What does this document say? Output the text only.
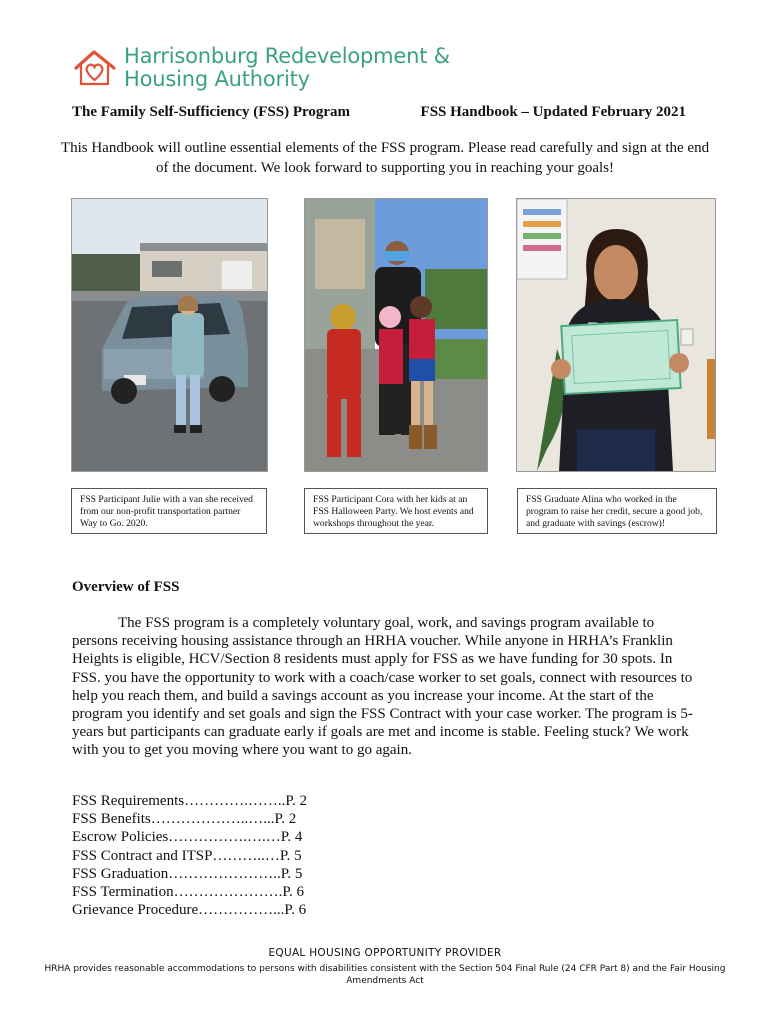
Harrisonburg Redevelopment &
Housing Authority
The Family Self-Sufficiency (FSS) Program	FSS Handbook – Updated February 2021
This Handbook will outline essential elements of the FSS program. Please read carefully and sign at the end of the document. We look forward to supporting you in reaching your goals!
FSS Participant Julie with a van she received from our non-profit transportation partner Way to Go. 2020.
FSS Participant Cora with her kids at an FSS Halloween Party. We host events and workshops throughout the year.
FSS Graduate Alina who worked in the program to raise her credit, secure a good job, and graduate with savings (escrow)!
Overview of FSS
The FSS program is a completely voluntary goal, work, and savings program available to persons receiving housing assistance through an HRHA voucher. While anyone in HRHA’s Franklin Heights is eligible, HCV/Section 8 residents must apply for FSS as we have funding for 30 spots. In FSS. you have the opportunity to work with a coach/case worker to set goals, connect with resources to help you reach them, and build a savings account as you increase your income. At the start of the program you identify and set goals and sign the FSS Contract with your case worker. The program is 5-years but participants can graduate early if goals are met and income is stable. Feeling stuck? We work with you to get you moving where you want to go again.
FSS Requirements………….……..P. 2
FSS Benefits………………..…...P. 2
Escrow Policies…………….….…P. 4
FSS Contract and ITSP………..…P. 5
FSS Graduation…………………..P. 5
FSS Termination………………….P. 6
Grievance Procedure……………...P. 6
EQUAL HOUSING OPPORTUNITY PROVIDER
HRHA provides reasonable accommodations to persons with disabilities consistent with the Section 504 Final Rule (24 CFR Part 8) and the Fair Housing Amendments Act
